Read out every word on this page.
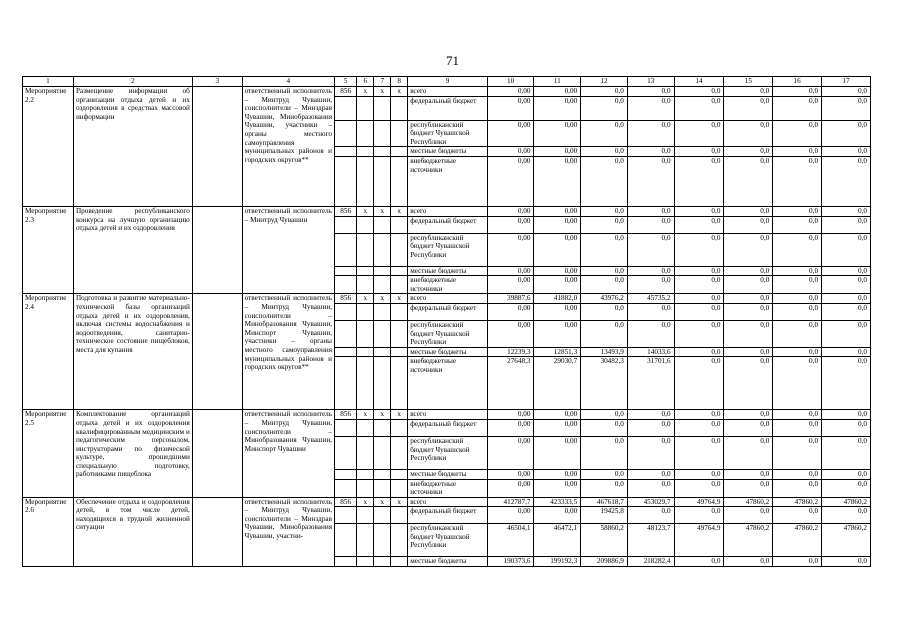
71
1	2	3	4	5	6	7	8	9	10	11	12	13	14	15	16	17
Мероприятие 2.2	Размещение информации об организации отдыха детей и их оздоровления в средствах массовой информации		ответственный исполнитель – Минтруд Чувашии, соисполнители – Минздрав Чувашии, Минобразования Чувашии, участники – органы местного самоуправления муниципальных районов и городских округов**	856	x	x	x	всего	0,00	0,00	0,0	0,0	0,0	0,0	0,0	0,0
								федеральный бюджет	0,00	0,00	0,0	0,0	0,0	0,0	0,0	0,0
								республиканский бюджет Чувашской Республики	0,00	0,00	0,0	0,0	0,0	0,0	0,0	0,0
								местные бюджеты	0,00	0,00	0,0	0,0	0,0	0,0	0,0	0,0
								внебюджетные источники	0,00	0,00	0,0	0,0	0,0	0,0	0,0	0,0
Мероприятие 2.3	Проведение республиканского конкурса на лучшую организацию отдыха детей и их оздоровления		ответственный исполнитель – Минтруд Чувашии	856	x	x	x	всего	0,00	0,00	0,0	0,0	0,0	0,0	0,0	0,0
								федеральный бюджет	0,00	0,00	0,0	0,0	0,0	0,0	0,0	0,0
								республиканский бюджет Чувашской Республики	0,00	0,00	0,0	0,0	0,0	0,0	0,0	0,0
								местные бюджеты	0,00	0,00	0,0	0,0	0,0	0,0	0,0	0,0
								внебюджетные источники	0,00	0,00	0,0	0,0	0,0	0,0	0,0	0,0
Мероприятие 2.4	Подготовка и развитие материально-технической базы организаций отдыха детей и их оздоровления, включая системы водоснабжения и водоотведения, санитарно-техническое состояние пищеблоков, места для купания		ответственный исполнитель – Минтруд Чувашии, соисполнители – Минобразования Чувашии, Минспорт Чувашии, участники – органы местного самоуправления муниципальных районов и городских округов**	856	x	x	x	всего	39887,6	41882,0	43976,2	45735,2	0,0	0,0	0,0	0,0
								федеральный бюджет	0,00	0,00	0,0	0,0	0,0	0,0	0,0	0,0
								республиканский бюджет Чувашской Республики	0,00	0,00	0,0	0,0	0,0	0,0	0,0	0,0
								местные бюджеты	12239,3	12851,3	13493,9	14033,6	0,0	0,0	0,0	0,0
								внебюджетные источники	27648,3	29030,7	30482,3	31701,6	0,0	0,0	0,0	0,0
Мероприятие 2.5	Комплектование организаций отдыха детей и их оздоровления квалифицированным медицинским и педагогическим персоналом, инструкторами по физической культуре, прошедшими специальную подготовку, работниками пищеблока		ответственный исполнитель – Минтруд Чувашии, соисполнители – Минобразования Чувашии, Минспорт Чувашии	856	x	x	x	всего	0,00	0,00	0,0	0,0	0,0	0,0	0,0	0,0
								федеральный бюджет	0,00	0,00	0,0	0,0	0,0	0,0	0,0	0,0
								республиканский бюджет Чувашской Республики	0,00	0,00	0,0	0,0	0,0	0,0	0,0	0,0
								местные бюджеты	0,00	0,00	0,0	0,0	0,0	0,0	0,0	0,0
								внебюджетные источники	0,00	0,00	0,0	0,0	0,0	0,0	0,0	0,0
Мероприятие 2.6	Обеспечение отдыха и оздоровления детей, в том числе детей, находящихся в трудной жизненной ситуации		ответственный исполнитель – Минтруд Чувашии, соисполнители – Минздрав Чувашии, Минобразования Чувашии, участни-	856	x	x	x	всего	412787,7	423333,5	467618,7	453029,7	49764,9	47860,2	47860,2	47860,2
								федеральный бюджет	0,00	0,00	19425,8	0,0	0,0	0,0	0,0	0,0
								республиканский бюджет Чувашской Республики	46504,1	46472,1	58860,2	48123,7	49764,9	47860,2	47860,2	47860,2
								местные бюджеты	190373,6	199192,3	209886,9	218282,4	0,0	0,0	0,0	0,0
